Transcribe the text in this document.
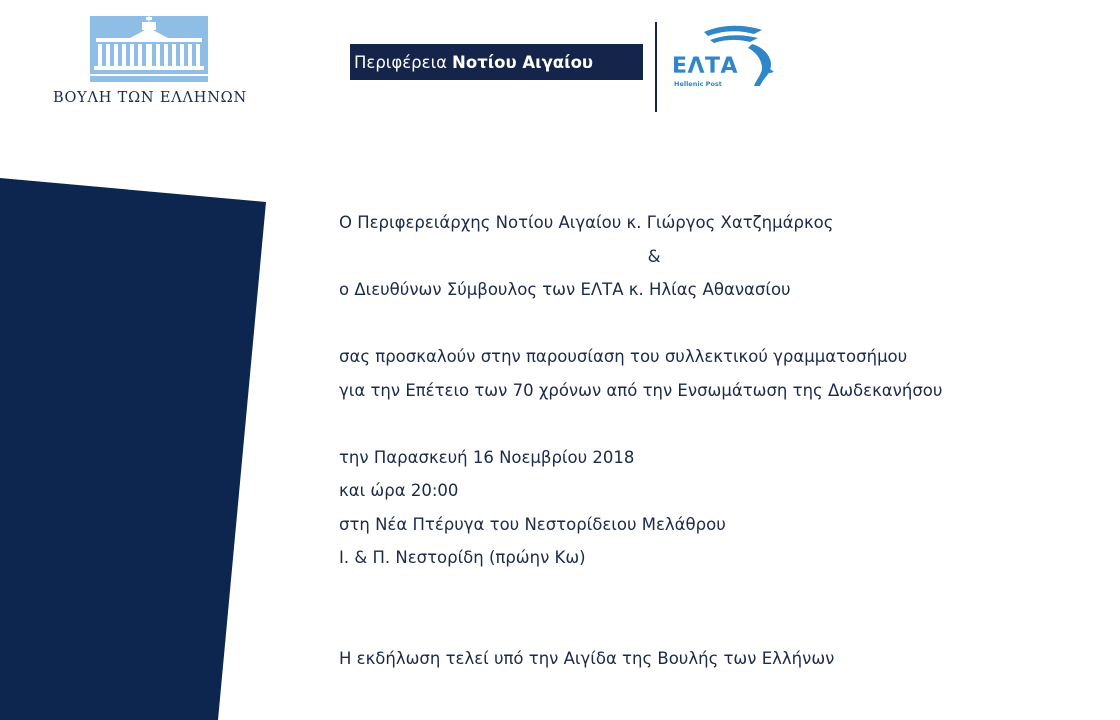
ΒΟΥΛΗ ΤΩΝ ΕΛΛΗΝΩΝ
Περιφέρεια Νοτίου Αιγαίου	ΕΛΤΑ
Hellenic Post
Ο Περιφερειάρχης Νοτίου Αιγαίου κ. Γιώργος Χατζημάρκος
&
ο Διευθύνων Σύμβουλος των ΕΛΤΑ κ. Ηλίας Αθανασίου
σας προσκαλούν στην παρουσίαση του συλλεκτικού γραμματοσήμου
για την Επέτειο των 70 χρόνων από την Ενσωμάτωση της Δωδεκανήσου
την Παρασκευή 16 Νοεμβρίου 2018
και ώρα 20:00
στη Νέα Πτέρυγα του Νεστορίδειου Μελάθρου
Ι. & Π. Νεστορίδη (πρώην Κω)
Η εκδήλωση τελεί υπό την Αιγίδα της Βουλής των Ελλήνων
